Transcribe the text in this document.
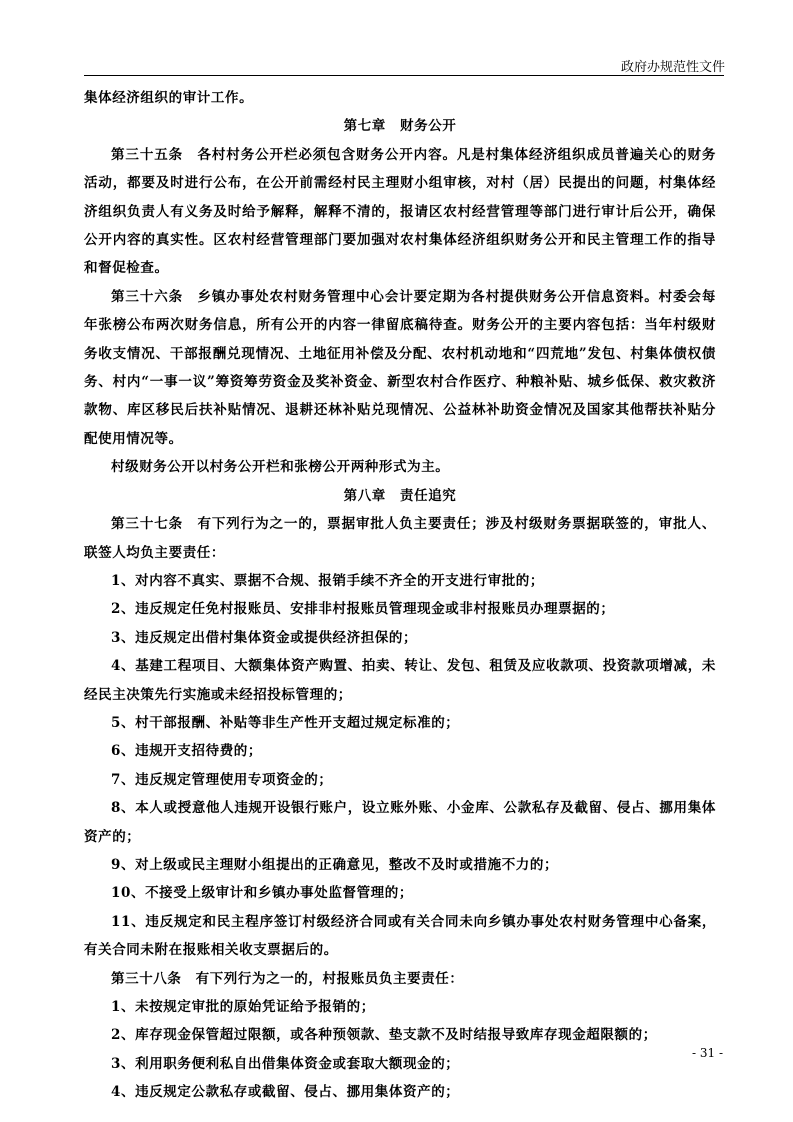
政府办规范性文件

集体经济组织的审计工作。

第七章　财务公开

第三十五条　各村村务公开栏必须包含财务公开内容。凡是村集体经济组织成员普遍关心的财务活动，都要及时进行公布，在公开前需经村民主理财小组审核，对村（居）民提出的问题，村集体经济组织负责人有义务及时给予解释，解释不清的，报请区农村经营管理等部门进行审计后公开，确保公开内容的真实性。区农村经营管理部门要加强对农村集体经济组织财务公开和民主管理工作的指导和督促检查。

第三十六条　乡镇办事处农村财务管理中心会计要定期为各村提供财务公开信息资料。村委会每年张榜公布两次财务信息，所有公开的内容一律留底稿待查。财务公开的主要内容包括：当年村级财务收支情况、干部报酬兑现情况、土地征用补偿及分配、农村机动地和“四荒地”发包、村集体债权债务、村内“一事一议”筹资筹劳资金及奖补资金、新型农村合作医疗、种粮补贴、城乡低保、救灾救济款物、库区移民后扶补贴情况、退耕还林补贴兑现情况、公益林补助资金情况及国家其他帮扶补贴分配使用情况等。

村级财务公开以村务公开栏和张榜公开两种形式为主。

第八章　责任追究

第三十七条　有下列行为之一的，票据审批人负主要责任；涉及村级财务票据联签的，审批人、联签人均负主要责任：

1、对内容不真实、票据不合规、报销手续不齐全的开支进行审批的；

2、违反规定任免村报账员、安排非村报账员管理现金或非村报账员办理票据的；

3、违反规定出借村集体资金或提供经济担保的；

4、基建工程项目、大额集体资产购置、拍卖、转让、发包、租赁及应收款项、投资款项增减，未经民主决策先行实施或未经招投标管理的；

5、村干部报酬、补贴等非生产性开支超过规定标准的；

6、违规开支招待费的；

7、违反规定管理使用专项资金的；

8、本人或授意他人违规开设银行账户，设立账外账、小金库、公款私存及截留、侵占、挪用集体资产的；

9、对上级或民主理财小组提出的正确意见，整改不及时或措施不力的；

10、不接受上级审计和乡镇办事处监督管理的；

11、违反规定和民主程序签订村级经济合同或有关合同未向乡镇办事处农村财务管理中心备案，有关合同未附在报账相关收支票据后的。

第三十八条　有下列行为之一的，村报账员负主要责任：

1、未按规定审批的原始凭证给予报销的；

2、库存现金保管超过限额，或各种预领款、垫支款不及时结报导致库存现金超限额的；

3、利用职务便利私自出借集体资金或套取大额现金的；

4、违反规定公款私存或截留、侵占、挪用集体资产的；

- 31 -
